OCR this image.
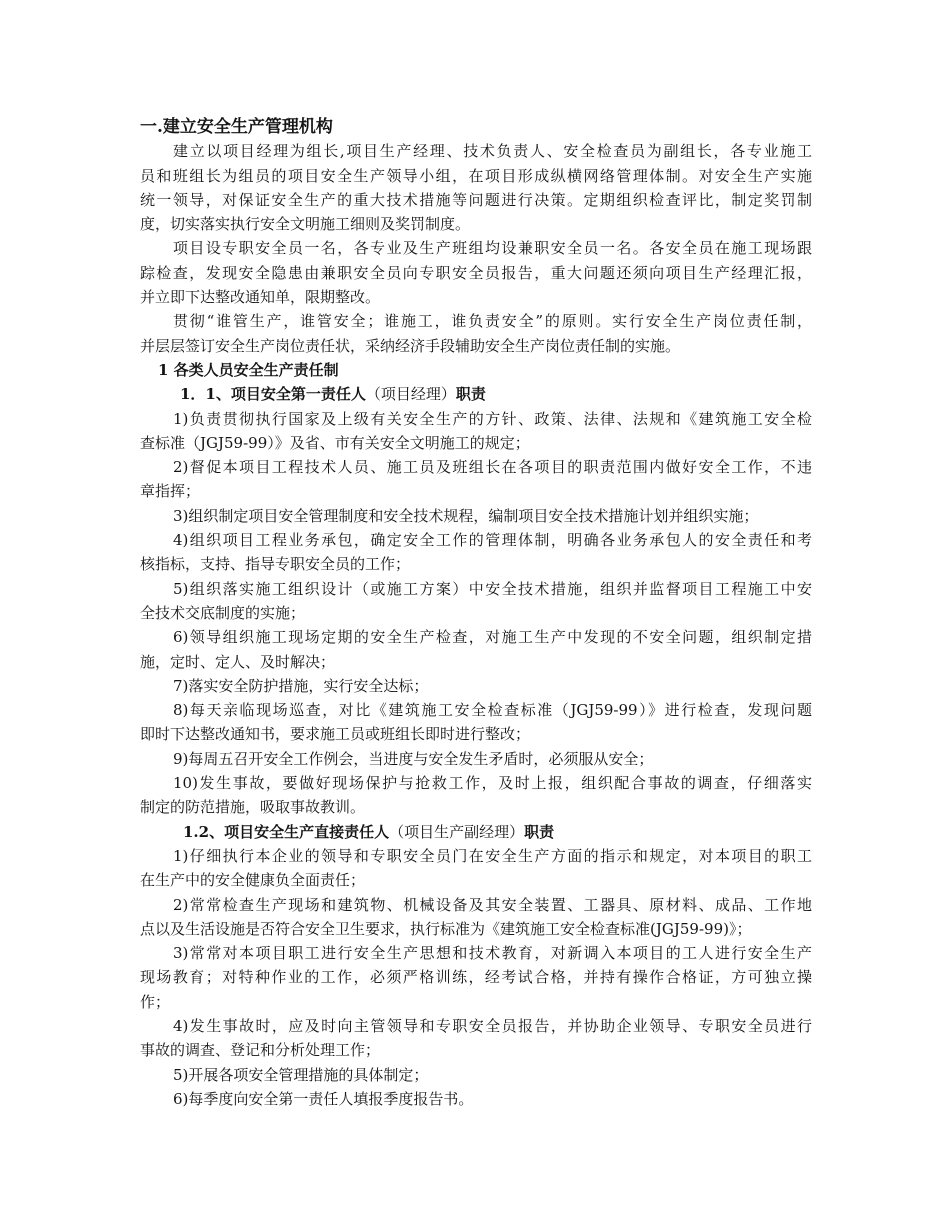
一.建立安全生产管理机构
建立以项目经理为组长,项目生产经理、技术负责人、安全检查员为副组长，各专业施工
员和班组长为组员的项目安全生产领导小组，在项目形成纵横网络管理体制。对安全生产实施
统一领导，对保证安全生产的重大技术措施等问题进行决策。定期组织检查评比，制定奖罚制
度，切实落实执行安全文明施工细则及奖罚制度。
项目设专职安全员一名，各专业及生产班组均设兼职安全员一名。各安全员在施工现场跟
踪检查，发现安全隐患由兼职安全员向专职安全员报告，重大问题还须向项目生产经理汇报，
并立即下达整改通知单，限期整改。
贯彻“谁管生产，谁管安全；谁施工，谁负责安全”的原则。实行安全生产岗位责任制，
并层层签订安全生产岗位责任状，采纳经济手段辅助安全生产岗位责任制的实施。
1 各类人员安全生产责任制
1．1、项目安全第一责任人（项目经理）职责
1)负责贯彻执行国家及上级有关安全生产的方针、政策、法律、法规和《建筑施工安全检
查标准（JGJ59-99）》及省、市有关安全文明施工的规定；
2)督促本项目工程技术人员、施工员及班组长在各项目的职责范围内做好安全工作，不违
章指挥；
3)组织制定项目安全管理制度和安全技术规程，编制项目安全技术措施计划并组织实施；
4)组织项目工程业务承包，确定安全工作的管理体制，明确各业务承包人的安全责任和考
核指标，支持、指导专职安全员的工作；
5)组织落实施工组织设计（或施工方案）中安全技术措施，组织并监督项目工程施工中安
全技术交底制度的实施；
6)领导组织施工现场定期的安全生产检查，对施工生产中发现的不安全问题，组织制定措
施，定时、定人、及时解决；
7)落实安全防护措施，实行安全达标；
8)每天亲临现场巡查，对比《建筑施工安全检查标准（JGJ59-99）》进行检查，发现问题
即时下达整改通知书，要求施工员或班组长即时进行整改；
9)每周五召开安全工作例会，当进度与安全发生矛盾时，必须服从安全；
10)发生事故，要做好现场保护与抢救工作，及时上报，组织配合事故的调查，仔细落实
制定的防范措施，吸取事故教训。
1.2、项目安全生产直接责任人（项目生产副经理）职责
1)仔细执行本企业的领导和专职安全员门在安全生产方面的指示和规定，对本项目的职工
在生产中的安全健康负全面责任；
2)常常检查生产现场和建筑物、机械设备及其安全装置、工器具、原材料、成品、工作地
点以及生活设施是否符合安全卫生要求，执行标准为《建筑施工安全检查标准(JGJ59-99)》；
3)常常对本项目职工进行安全生产思想和技术教育，对新调入本项目的工人进行安全生产
现场教育；对特种作业的工作，必须严格训练，经考试合格，并持有操作合格证，方可独立操
作；
4)发生事故时，应及时向主管领导和专职安全员报告，并协助企业领导、专职安全员进行
事故的调查、登记和分析处理工作；
5)开展各项安全管理措施的具体制定；
6)每季度向安全第一责任人填报季度报告书。
